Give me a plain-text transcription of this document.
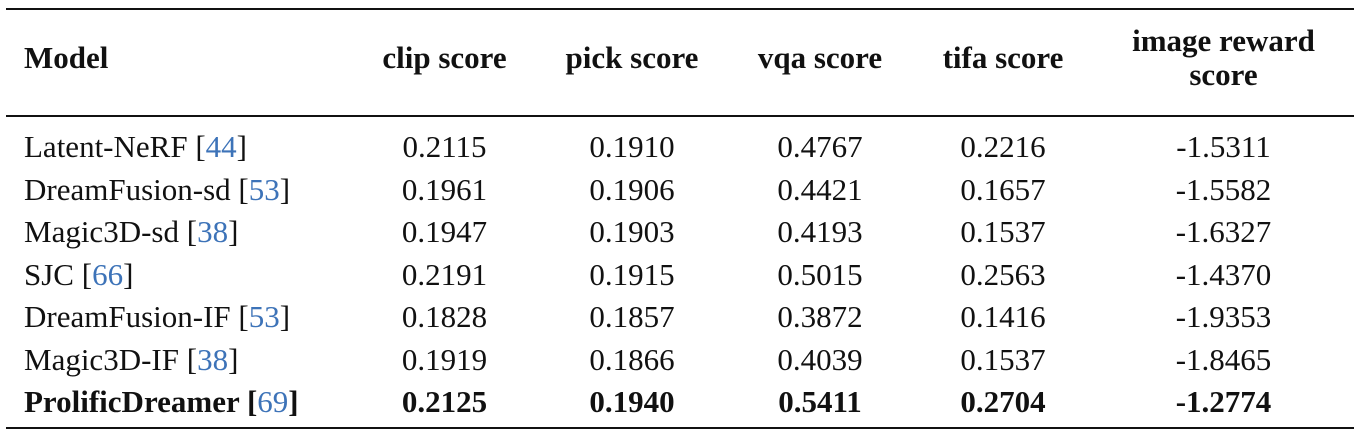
Model	clip score	pick score	vqa score	tifa score	image reward score
Latent-NeRF [44]	0.2115	0.1910	0.4767	0.2216	-1.5311
DreamFusion-sd [53]	0.1961	0.1906	0.4421	0.1657	-1.5582
Magic3D-sd [38]	0.1947	0.1903	0.4193	0.1537	-1.6327
SJC [66]	0.2191	0.1915	0.5015	0.2563	-1.4370
DreamFusion-IF [53]	0.1828	0.1857	0.3872	0.1416	-1.9353
Magic3D-IF [38]	0.1919	0.1866	0.4039	0.1537	-1.8465
ProlificDreamer [69]	0.2125	0.1940	0.5411	0.2704	-1.2774
